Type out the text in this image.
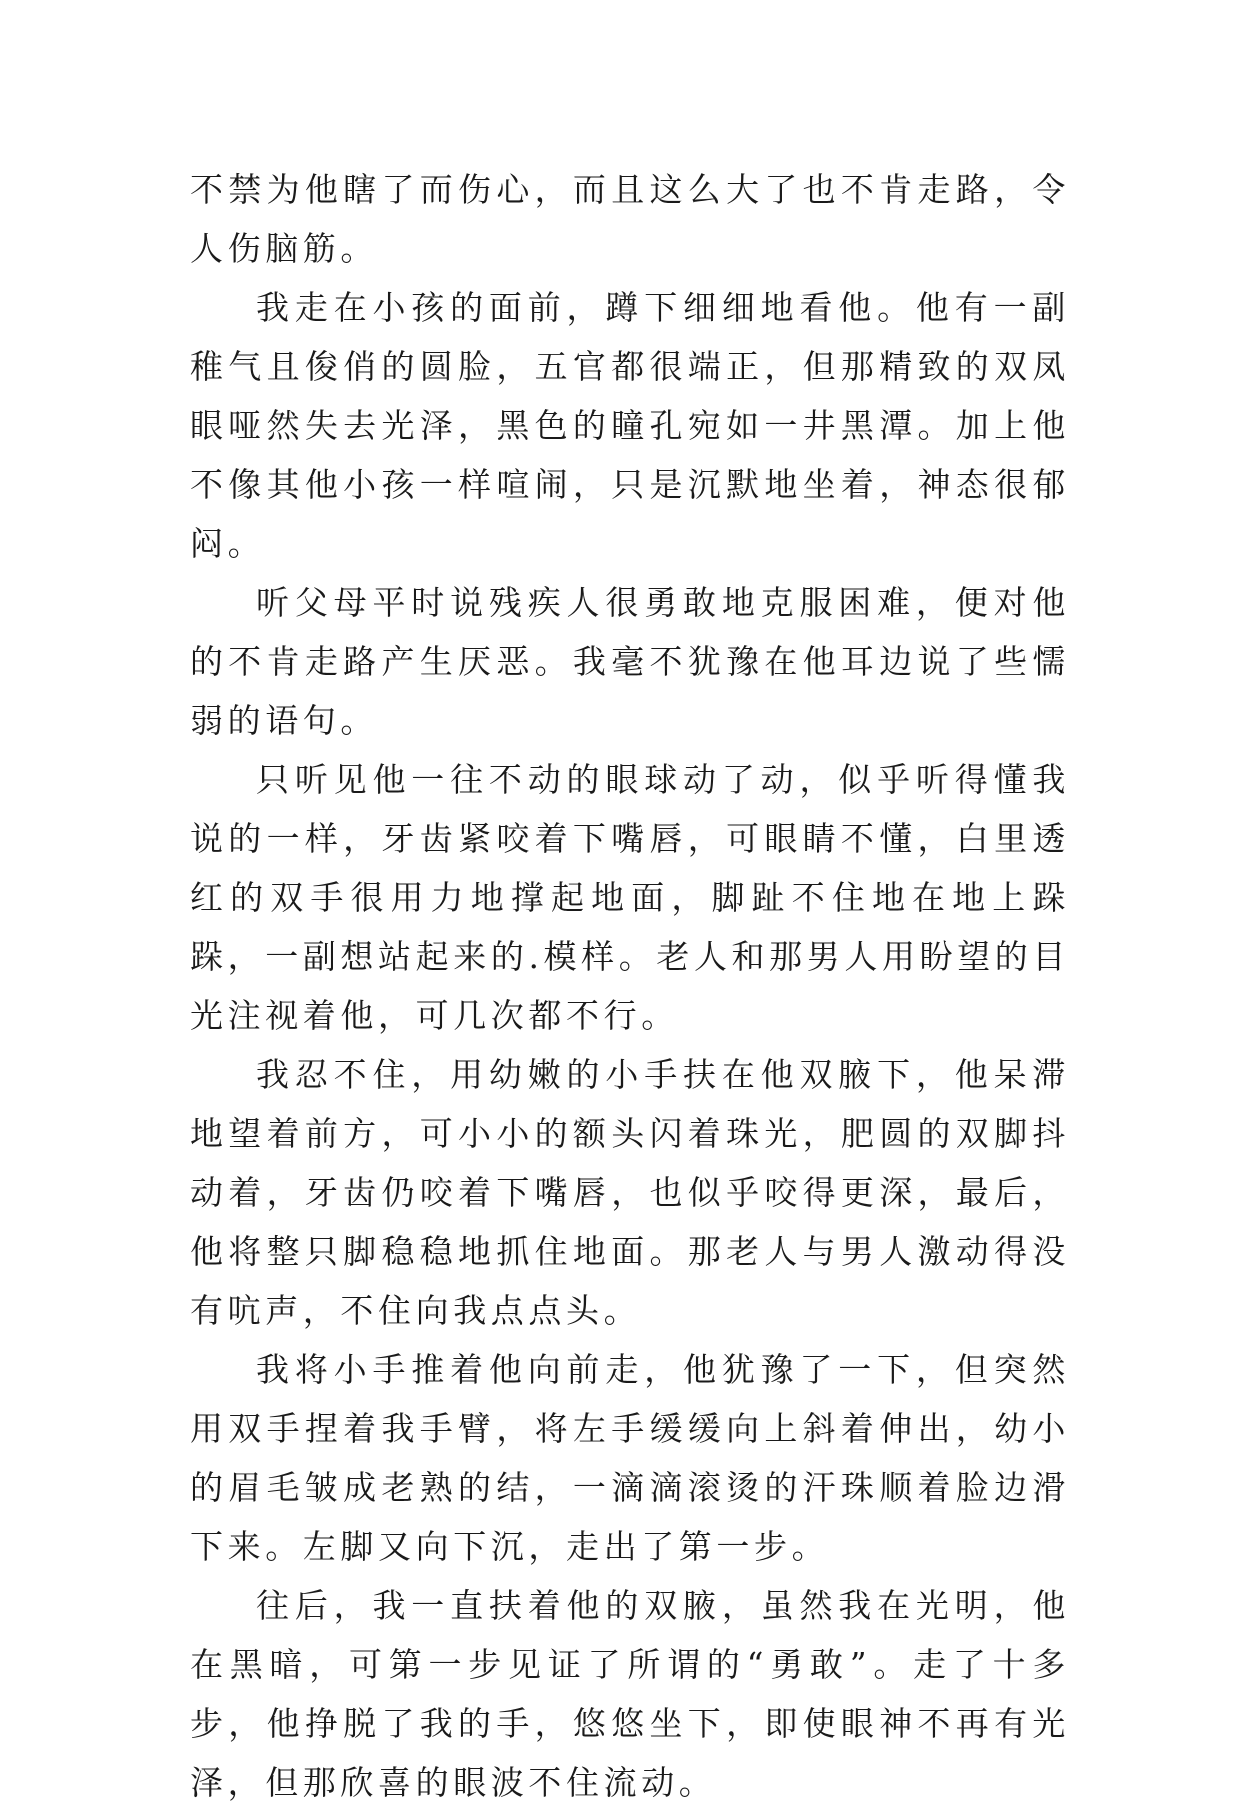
不禁为他瞎了而伤心，而且这么大了也不肯走路，令人伤脑筋。

我走在小孩的面前，蹲下细细地看他。他有一副稚气且俊俏的圆脸，五官都很端正，但那精致的双凤眼哑然失去光泽，黑色的瞳孔宛如一井黑潭。加上他不像其他小孩一样喧闹，只是沉默地坐着，神态很郁闷。

听父母平时说残疾人很勇敢地克服困难，便对他的不肯走路产生厌恶。我毫不犹豫在他耳边说了些懦弱的语句。

只听见他一往不动的眼球动了动，似乎听得懂我说的一样，牙齿紧咬着下嘴唇，可眼睛不懂，白里透红的双手很用力地撑起地面，脚趾不住地在地上跺跺，一副想站起来的.模样。老人和那男人用盼望的目光注视着他，可几次都不行。

我忍不住，用幼嫩的小手扶在他双腋下，他呆滞地望着前方，可小小的额头闪着珠光，肥圆的双脚抖动着，牙齿仍咬着下嘴唇，也似乎咬得更深，最后，他将整只脚稳稳地抓住地面。那老人与男人激动得没有吭声，不住向我点点头。

我将小手推着他向前走，他犹豫了一下，但突然用双手捏着我手臂，将左手缓缓向上斜着伸出，幼小的眉毛皱成老熟的结，一滴滴滚烫的汗珠顺着脸边滑下来。左脚又向下沉，走出了第一步。

往后，我一直扶着他的双腋，虽然我在光明，他在黑暗，可第一步见证了所谓的“勇敢”。走了十多步，他挣脱了我的手，悠悠坐下，即使眼神不再有光泽，但那欣喜的眼波不住流动。
